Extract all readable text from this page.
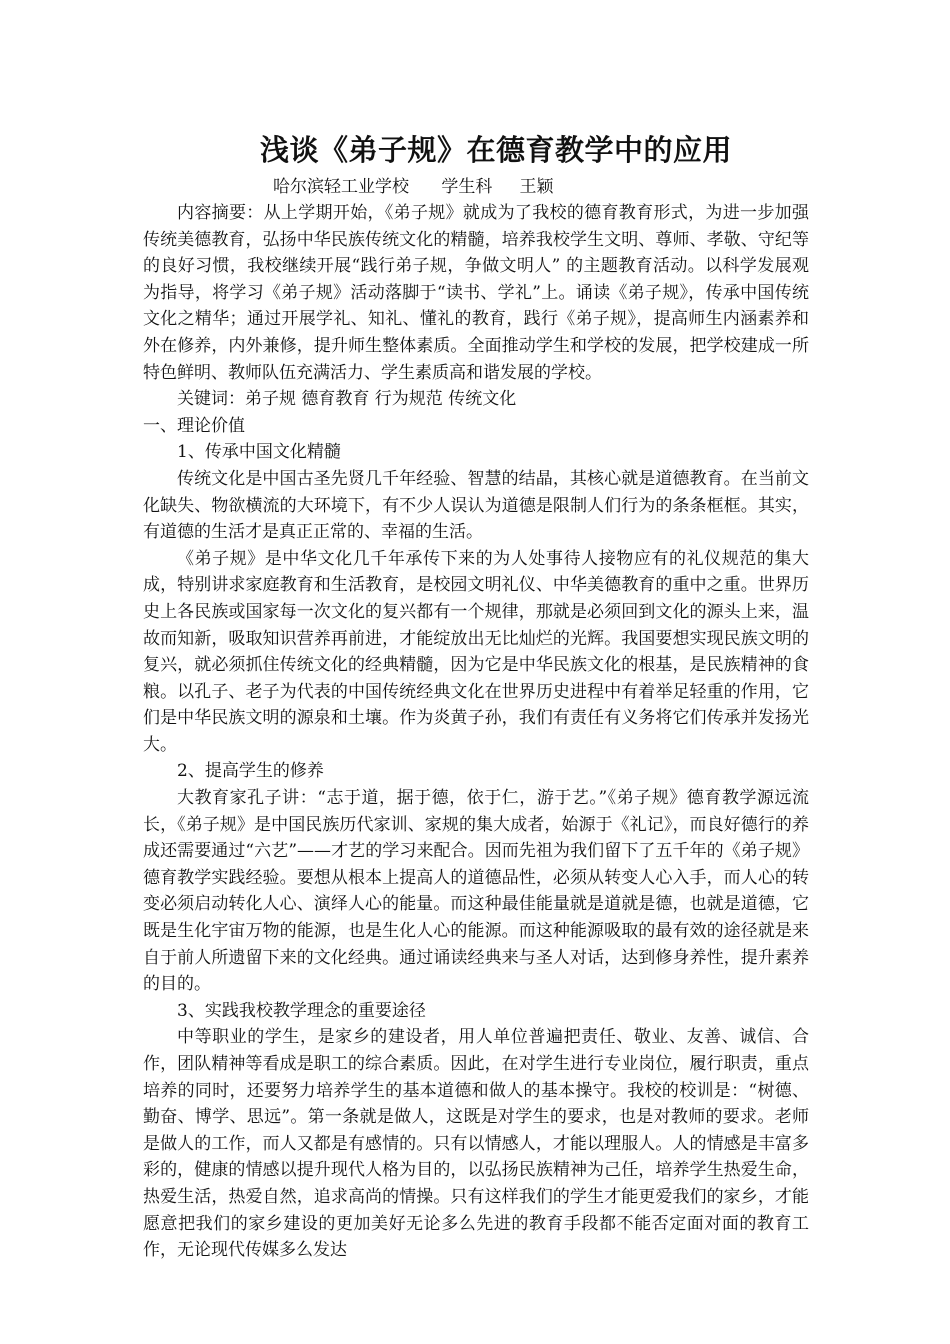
浅谈《弟子规》在德育教学中的应用
哈尔滨轻工业学校      学生科     王颖

内容摘要：从上学期开始，《弟子规》就成为了我校的德育教育形式，为进一步加强传统美德教育，弘扬中华民族传统文化的精髓，培养我校学生文明、尊师、孝敬、守纪等的良好习惯，我校继续开展“践行弟子规，争做文明人” 的主题教育活动。以科学发展观为指导，将学习《弟子规》活动落脚于“读书、学礼”上。诵读《弟子规》，传承中国传统文化之精华；通过开展学礼、知礼、懂礼的教育，践行《弟子规》，提高师生内涵素养和外在修养，内外兼修，提升师生整体素质。全面推动学生和学校的发展，把学校建成一所特色鲜明、教师队伍充满活力、学生素质高和谐发展的学校。

关键词：弟子规 德育教育 行为规范 传统文化

一、理论价值

1、传承中国文化精髓

传统文化是中国古圣先贤几千年经验、智慧的结晶，其核心就是道德教育。在当前文化缺失、物欲横流的大环境下，有不少人误认为道德是限制人们行为的条条框框。其实，有道德的生活才是真正正常的、幸福的生活。

《弟子规》是中华文化几千年承传下来的为人处事待人接物应有的礼仪规范的集大成，特别讲求家庭教育和生活教育，是校园文明礼仪、中华美德教育的重中之重。世界历史上各民族或国家每一次文化的复兴都有一个规律，那就是必须回到文化的源头上来，温故而知新，吸取知识营养再前进，才能绽放出无比灿烂的光辉。我国要想实现民族文明的复兴，就必须抓住传统文化的经典精髓，因为它是中华民族文化的根基，是民族精神的食粮。以孔子、老子为代表的中国传统经典文化在世界历史进程中有着举足轻重的作用，它们是中华民族文明的源泉和土壤。作为炎黄子孙，我们有责任有义务将它们传承并发扬光大。

2、提高学生的修养

大教育家孔子讲：“志于道，据于德，依于仁，游于艺。”《弟子规》德育教学源远流长，《弟子规》是中国民族历代家训、家规的集大成者，始源于《礼记》，而良好德行的养成还需要通过“六艺”——才艺的学习来配合。因而先祖为我们留下了五千年的《弟子规》德育教学实践经验。要想从根本上提高人的道德品性，必须从转变人心入手，而人心的转变必须启动转化人心、演绎人心的能量。而这种最佳能量就是道就是德，也就是道德，它既是生化宇宙万物的能源，也是生化人心的能源。而这种能源吸取的最有效的途径就是来自于前人所遗留下来的文化经典。通过诵读经典来与圣人对话，达到修身养性，提升素养的目的。

3、实践我校教学理念的重要途径

中等职业的学生，是家乡的建设者，用人单位普遍把责任、敬业、友善、诚信、合作，团队精神等看成是职工的综合素质。因此，在对学生进行专业岗位，履行职责，重点培养的同时，还要努力培养学生的基本道德和做人的基本操守。我校的校训是：“树德、勤奋、博学、思远”。第一条就是做人，这既是对学生的要求，也是对教师的要求。老师是做人的工作，而人又都是有感情的。只有以情感人，才能以理服人。人的情感是丰富多彩的，健康的情感以提升现代人格为目的，以弘扬民族精神为己任，培养学生热爱生命，热爱生活，热爱自然，追求高尚的情操。只有这样我们的学生才能更爱我们的家乡，才能愿意把我们的家乡建设的更加美好无论多么先进的教育手段都不能否定面对面的教育工作，无论现代传媒多么发达
